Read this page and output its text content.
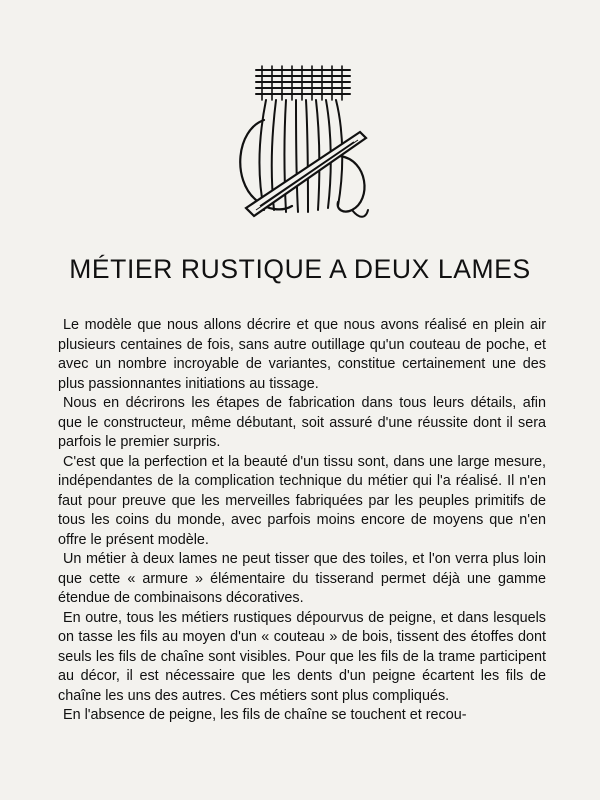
MÉTIER RUSTIQUE A DEUX LAMES

Le modèle que nous allons décrire et que nous avons réalisé en plein air plusieurs centaines de fois, sans autre outillage qu'un couteau de poche, et avec un nombre incroyable de variantes, constitue certainement une des plus passionnantes initiations au tissage.

Nous en décrirons les étapes de fabrication dans tous leurs détails, afin que le constructeur, même débutant, soit assuré d'une réussite dont il sera parfois le premier surpris.

C'est que la perfection et la beauté d'un tissu sont, dans une large mesure, indépendantes de la complication technique du métier qui l'a réalisé. Il n'en faut pour preuve que les merveilles fabriquées par les peuples primitifs de tous les coins du monde, avec parfois moins encore de moyens que n'en offre le présent modèle.

Un métier à deux lames ne peut tisser que des toiles, et l'on verra plus loin que cette « armure » élémentaire du tisserand permet déjà une gamme étendue de combinaisons décoratives.

En outre, tous les métiers rustiques dépourvus de peigne, et dans lesquels on tasse les fils au moyen d'un « couteau » de bois, tissent des étoffes dont seuls les fils de chaîne sont visibles. Pour que les fils de la trame participent au décor, il est nécessaire que les dents d'un peigne écartent les fils de chaîne les uns des autres. Ces métiers sont plus compliqués.

En l'absence de peigne, les fils de chaîne se touchent et recou-
